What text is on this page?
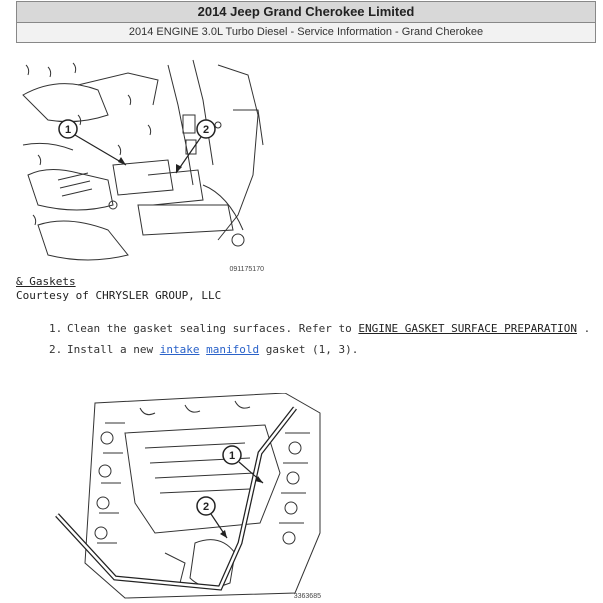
2014 Jeep Grand Cherokee Limited
2014 ENGINE 3.0L Turbo Diesel - Service Information - Grand Cherokee
1	2
091175170
& Gaskets
Courtesy of CHRYSLER GROUP, LLC
1. Clean the gasket sealing surfaces. Refer to ENGINE GASKET SURFACE PREPARATION .
2. Install a new intake manifold gasket (1, 3).
1
2
3363685
